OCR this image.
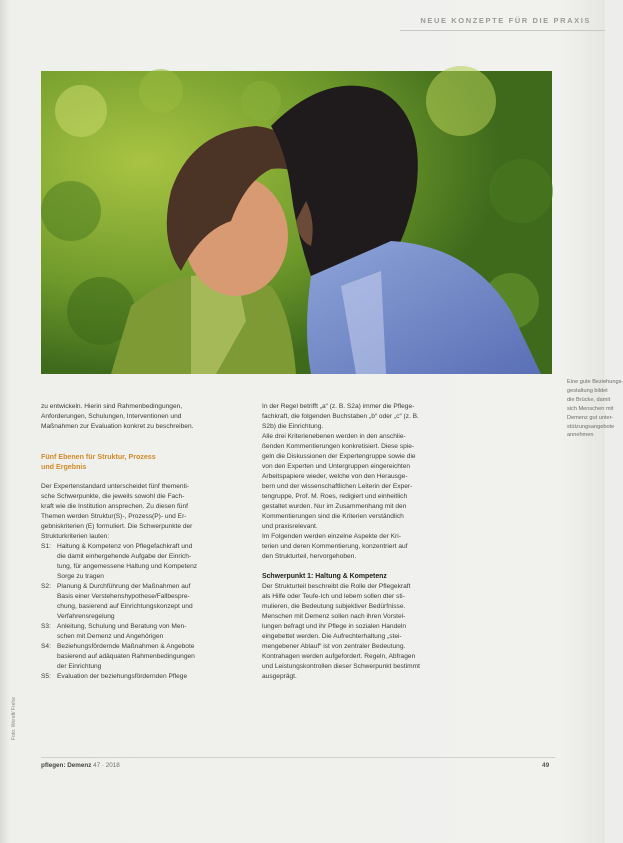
NEUE KONZEPTE FÜR DIE PRAXIS
Eine gute Beziehungs-
gestaltung bildet
die Brücke, damit
sich Menschen mit
Demenz gut unter-
stützungsangebote
annehmen
zu entwickeln. Hierin sind Rahmenbedingungen,
Anforderungen, Schulungen, Interventionen und
Maßnahmen zur Evaluation konkret zu beschreiben.
Fünf Ebenen für Struktur, Prozess
und Ergebnis
Der Expertenstandard unterscheidet fünf thementi-
sche Schwerpunkte, die jeweils sowohl die Fach-
kraft wie die Institution ansprechen. Zu diesen fünf
Themen werden Struktur(S)-, Prozess(P)- und Er-
gebniskriterien (E) formuliert. Die Schwerpunkte der
Strukturkriterien lauten:
S1: Haltung & Kompetenz von Pflegefachkraft und
die damit einhergehende Aufgabe der Einrich-
tung, für angemessene Haltung und Kompetenz
Sorge zu tragen
S2: Planung & Durchführung der Maßnahmen auf
Basis einer Verstehenshypothese/Fallbespre-
chung, basierend auf Einrichtungskonzept und
Verfahrensregelung
S3: Anleitung, Schulung und Beratung von Men-
schen mit Demenz und Angehörigen
S4: Beziehungsfördernde Maßnahmen & Angebote
basierend auf adäquaten Rahmenbedingungen
der Einrichtung
S5: Evaluation der beziehungsfördernden Pflege
In der Regel betrifft „a“ (z. B. S2a) immer die Pflege-
fachkraft, die folgenden Buchstaben „b“ oder „c“ (z. B.
S2b) die Einrichtung.
Alle drei Kriterienebenen werden in den anschlie-
ßenden Kommentierungen konkretisiert. Diese spie-
geln die Diskussionen der Expertengruppe sowie die
von den Experten und Untergruppen eingereichten
Arbeitspapiere wieder, welche von den Herausge-
bern und der wissenschaftlichen Leiterin der Exper-
tengruppe, Prof. M. Roes, redigiert und einheitlich
gestaltet wurden. Nur im Zusammenhang mit den
Kommentierungen sind die Kriterien verständlich
und praxisrelevant.
Im Folgenden werden einzelne Aspekte der Kri-
terien und deren Kommentierung, konzentriert auf
den Strukturteil, hervorgehoben.
Schwerpunkt 1: Haltung & Kompetenz
Der Strukturteil beschreibt die Rolle der Pflegekraft
als Hilfe oder Teufe-Ich und lebem sollen dter sti-
mulieren, die Bedeutung subjektiver Bedürfnisse.
Menschen mit Demenz sollen nach ihren Vorstel-
lungen befragt und ihr Pflege in sozialen Handeln
eingebettet werden. Die Aufrechterhaltung „stei-
mengebener Ablauf“ ist von zentraler Bedeutung.
Kontrahagen werden aufgefordert. Regeln, Abfragen
und Leistungskontrollen dieser Schwerpunkt bestimmt
ausgeprägt.
Foto: Wendt/ Frehe
pflegen: Demenz 47 · 2018	49
